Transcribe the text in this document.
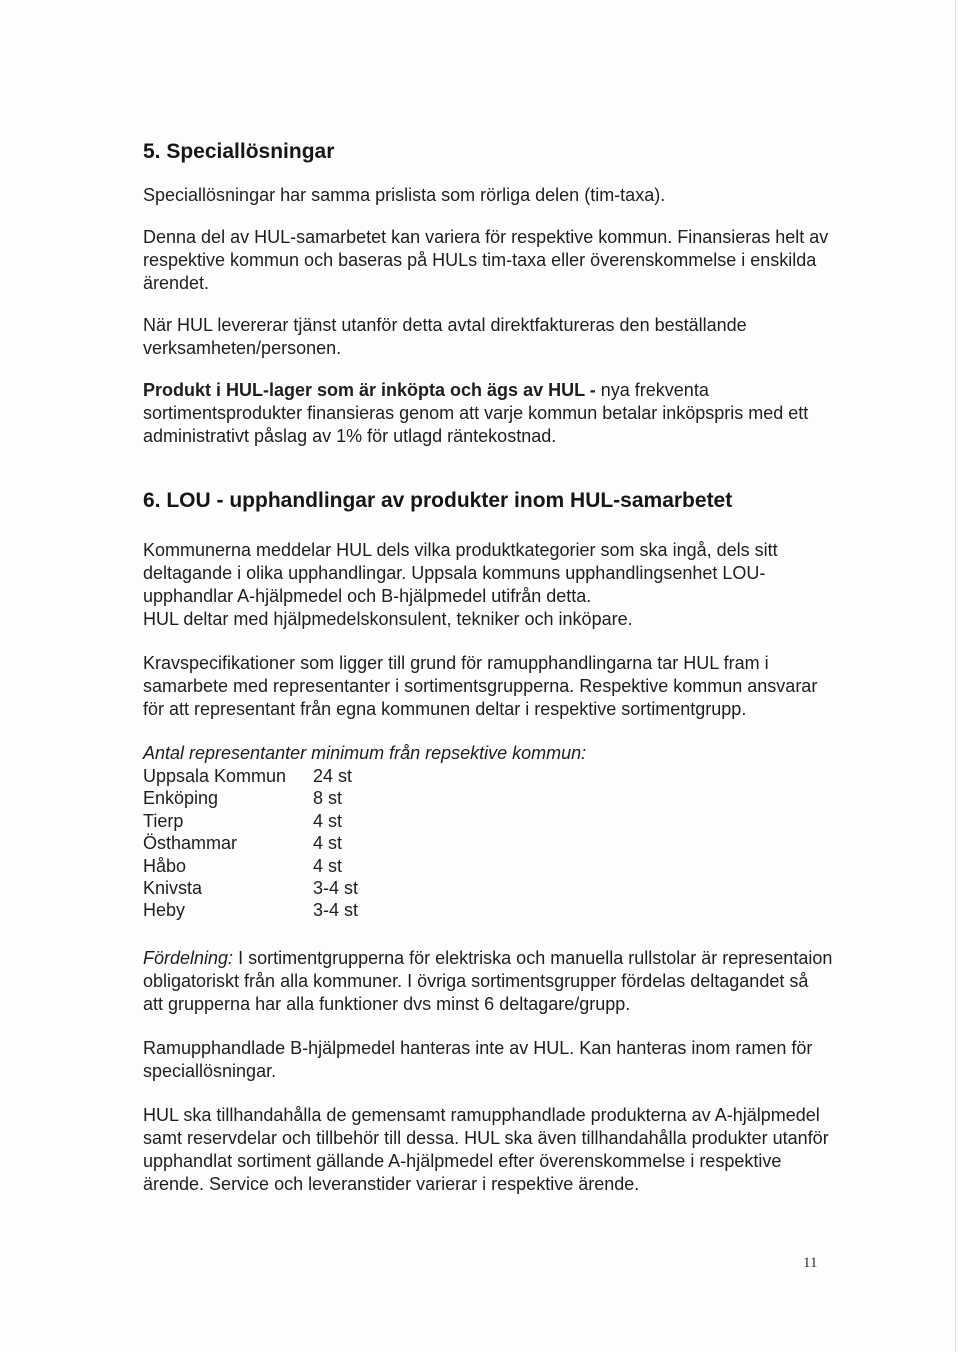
5. Speciallösningar

Speciallösningar har samma prislista som rörliga delen (tim-taxa).

Denna del av HUL-samarbetet kan variera för respektive kommun. Finansieras helt av respektive kommun och baseras på HULs tim-taxa eller överenskommelse i enskilda ärendet.

När HUL levererar tjänst utanför detta avtal direktfaktureras den beställande verksamheten/personen.

Produkt i HUL-lager som är inköpta och ägs av HUL - nya frekventa sortimentsprodukter finansieras genom att varje kommun betalar inköpspris med ett administrativt påslag av 1% för utlagd räntekostnad.

6. LOU - upphandlingar av produkter inom HUL-samarbetet

Kommunerna meddelar HUL dels vilka produktkategorier som ska ingå, dels sitt deltagande i olika upphandlingar. Uppsala kommuns upphandlingsenhet LOU-upphandlar A-hjälpmedel och B-hjälpmedel utifrån detta.

HUL deltar med hjälpmedelskonsulent, tekniker och inköpare.

Kravspecifikationer som ligger till grund för ramupphandlingarna tar HUL fram i samarbete med representanter i sortimentsgrupperna. Respektive kommun ansvarar för att representant från egna kommunen deltar i respektive sortimentgrupp.

Antal representanter minimum från repsektive kommun:

Uppsala Kommun	24 st
Enköping	8 st
Tierp	4 st
Östhammar	4 st
Håbo	4 st
Knivsta	3-4 st
Heby	3-4 st

Fördelning: I sortimentgrupperna för elektriska och manuella rullstolar är representaion obligatoriskt från alla kommuner. I övriga sortimentsgrupper fördelas deltagandet så att grupperna har alla funktioner dvs minst 6 deltagare/grupp.

Ramupphandlade B-hjälpmedel hanteras inte av HUL. Kan hanteras inom ramen för speciallösningar.

HUL ska tillhandahålla de gemensamt ramupphandlade produkterna av A-hjälpmedel samt reservdelar och tillbehör till dessa. HUL ska även tillhandahålla produkter utanför upphandlat sortiment gällande A-hjälpmedel efter överenskommelse i respektive ärende. Service och leveranstider varierar i respektive ärende.

11
